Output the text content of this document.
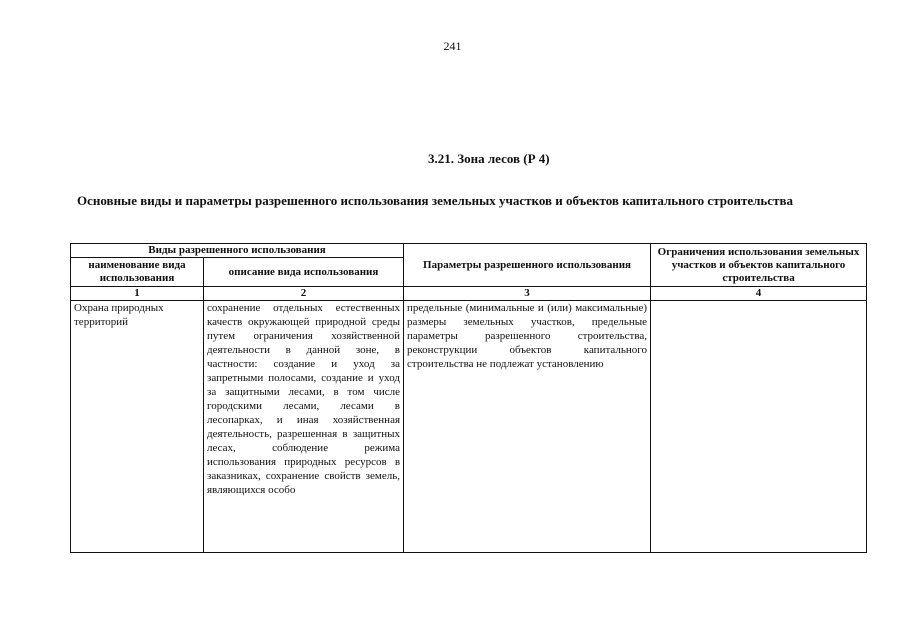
241
3.21. Зона лесов (Р 4)
Основные виды и параметры разрешенного использования земельных участков и объектов капитального строительства
Виды разрешенного использования		Параметры разрешенного использования	Ограничения использования земельных участков и объектов капитального строительства
наименование вида использования	описание вида использования		
1	2	3	4
Охрана природных территорий	сохранение отдельных естественных качеств окружающей природной среды путем ограничения хозяйственной деятельности в данной зоне, в частности: создание и уход за запретными полосами, создание и уход за защитными лесами, в том числе городскими лесами, лесами в лесопарках, и иная хозяйственная деятельность, разрешенная в защитных лесах, соблюдение режима использования природных ресурсов в заказниках, сохранение свойств земель, являющихся особо	предельные (минимальные и (или) максимальные) размеры земельных участков, предельные параметры разрешенного строительства, реконструкции объектов капитального строительства не подлежат установлению	
